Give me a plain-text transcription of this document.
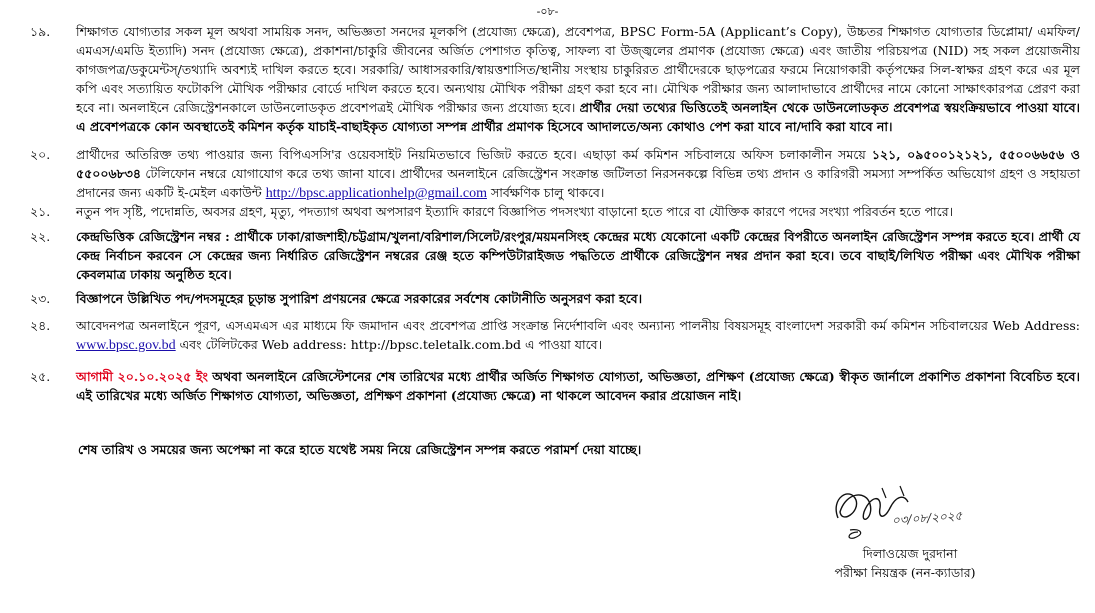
-০৮-
১৯.	শিক্ষাগত যোগ্যতার সকল মূল অথবা সাময়িক সনদ, অভিজ্ঞতা সনদের মূলকপি (প্রযোজ্য ক্ষেত্রে), প্রবেশপত্র, BPSC Form-5A (Applicant’s Copy), উচ্চতর শিক্ষাগত যোগ্যতার ডিপ্লোমা/ এমফিল/এমএস/এমডি ইত্যাদি) সনদ (প্রযোজ্য ক্ষেত্রে), প্রকাশনা/চাকুরি জীবনের অর্জিত পেশাগত কৃতিত্ব, সাফল্য বা উজ্জ্বলের প্রমাণক (প্রযোজ্য ক্ষেত্রে) এবং জাতীয় পরিচয়পত্র (NID) সহ সকল প্রয়োজনীয় কাগজপত্র/ডকুমেন্টস্/তথ্যাদি অবশ্যই দাখিল করতে হবে। সরকারি/ আধাসরকারি/স্বায়ত্তশাসিত/স্থানীয় সংস্থায় চাকুরিরত প্রার্থীদেরকে ছাড়পত্রের ফরমে নিয়োগকারী কর্তৃপক্ষের সিল-স্বাক্ষর গ্রহণ করে এর মূল কপি এবং সত্যায়িত ফটোকপি মৌখিক পরীক্ষার বোর্ডে দাখিল করতে হবে। অন্যথায় মৌখিক পরীক্ষা গ্রহণ করা হবে না। মৌখিক পরীক্ষার জন্য আলাদাভাবে প্রার্থীদের নামে কোনো সাক্ষাৎকারপত্র প্রেরণ করা হবে না। অনলাইনে রেজিস্ট্রেশনকালে ডাউনলোডকৃত প্রবেশপত্রই মৌখিক পরীক্ষার জন্য প্রযোজ্য হবে। প্রার্থীর দেয়া তথ্যের ভিত্তিতেই অনলাইন থেকে ডাউনলোডকৃত প্রবেশপত্র স্বয়ংক্রিয়ভাবে পাওয়া যাবে। এ প্রবেশপত্রকে কোন অবস্থাতেই কমিশন কর্তৃক যাচাই-বাছাইকৃত যোগ্যতা সম্পন্ন প্রার্থীর প্রমাণক হিসেবে আদালতে/অন্য কোথাও পেশ করা যাবে না/দাবি করা যাবে না।
২০.	প্রার্থীদের অতিরিক্ত তথ্য পাওয়ার জন্য বিপিএসসি'র ওয়েবসাইট নিয়মিতভাবে ভিজিট করতে হবে। এছাড়া কর্ম কমিশন সচিবালয়ে অফিস চলাকালীন সময়ে ১২১, ০৯৫০০১২১২১, ৫৫০০৬৬৫৬ ও ৫৫০০৬৮৩৪ টেলিফোন নম্বরে যোগাযোগ করে তথ্য জানা যাবে। প্রার্থীদের অনলাইনে রেজিস্ট্রেশন সংক্রান্ত জটিলতা নিরসনকল্পে বিভিন্ন তথ্য প্রদান ও কারিগরী সমস্যা সম্পর্কিত অভিযোগ গ্রহণ ও সহায়তা প্রদানের জন্য একটি ই-মেইল একাউন্ট http://bpsc.applicationhelp@gmail.com সার্বক্ষণিক চালু থাকবে।
২১.	নতুন পদ সৃষ্টি, পদোন্নতি, অবসর গ্রহণ, মৃত্যু, পদত্যাগ অথবা অপসারণ ইত্যাদি কারণে বিজ্ঞাপিত পদসংখ্যা বাড়ানো হতে পারে বা যৌক্তিক কারণে পদের সংখ্যা পরিবর্তন হতে পারে।
২২.	কেন্দ্রভিত্তিক রেজিস্ট্রেশন নম্বর : প্রার্থীকে ঢাকা/রাজশাহী/চট্টগ্রাম/খুলনা/বরিশাল/সিলেট/রংপুর/ময়মনসিংহ কেন্দ্রের মধ্যে যেকোনো একটি কেন্দ্রের বিপরীতে অনলাইন রেজিস্ট্রেশন সম্পন্ন করতে হবে। প্রার্থী যে কেন্দ্র নির্বাচন করবেন সে কেন্দ্রের জন্য নির্ধারিত রেজিস্ট্রেশন নম্বরের রেঞ্জ হতে কম্পিউটারাইজড পদ্ধতিতে প্রার্থীকে রেজিস্ট্রেশন নম্বর প্রদান করা হবে। তবে বাছাই/লিখিত পরীক্ষা এবং মৌখিক পরীক্ষা কেবলমাত্র ঢাকায় অনুষ্ঠিত হবে।
২৩.	বিজ্ঞাপনে উল্লিখিত পদ/পদসমূহের চূড়ান্ত সুপারিশ প্রণয়নের ক্ষেত্রে সরকারের সর্বশেষ কোটানীতি অনুসরণ করা হবে।
২৪.	আবেদনপত্র অনলাইনে পূরণ, এসএমএস এর মাধ্যমে ফি জমাদান এবং প্রবেশপত্র প্রাপ্তি সংক্রান্ত নির্দেশাবলি এবং অন্যান্য পালনীয় বিষয়সমূহ বাংলাদেশ সরকারী কর্ম কমিশন সচিবালয়ের Web Address: www.bpsc.gov.bd এবং টেলিটকের Web address: http://bpsc.teletalk.com.bd এ পাওয়া যাবে।
২৫.	আগামী ২০.১০.২০২৫ ইং অথবা অনলাইনে রেজিস্টেশনের শেষ তারিখের মধ্যে প্রার্থীর অর্জিত শিক্ষাগত যোগ্যতা, অভিজ্ঞতা, প্রশিক্ষণ (প্রযোজ্য ক্ষেত্রে) স্বীকৃত জার্নালে প্রকাশিত প্রকাশনা বিবেচিত হবে। এই তারিখের মধ্যে অর্জিত শিক্ষাগত যোগ্যতা, অভিজ্ঞতা, প্রশিক্ষণ প্রকাশনা (প্রযোজ্য ক্ষেত্রে) না থাকলে আবেদন করার প্রয়োজন নাই।
শেষ তারিখ ও সময়ের জন্য অপেক্ষা না করে হাতে যথেষ্ট সময় নিয়ে রেজিস্ট্রেশন সম্পন্ন করতে পরামর্শ দেয়া যাচ্ছে।
০৩/০৮/২০২৫
দিলাওয়েজ দুরদানা
পরীক্ষা নিয়ন্ত্রক (নন-ক্যাডার)
